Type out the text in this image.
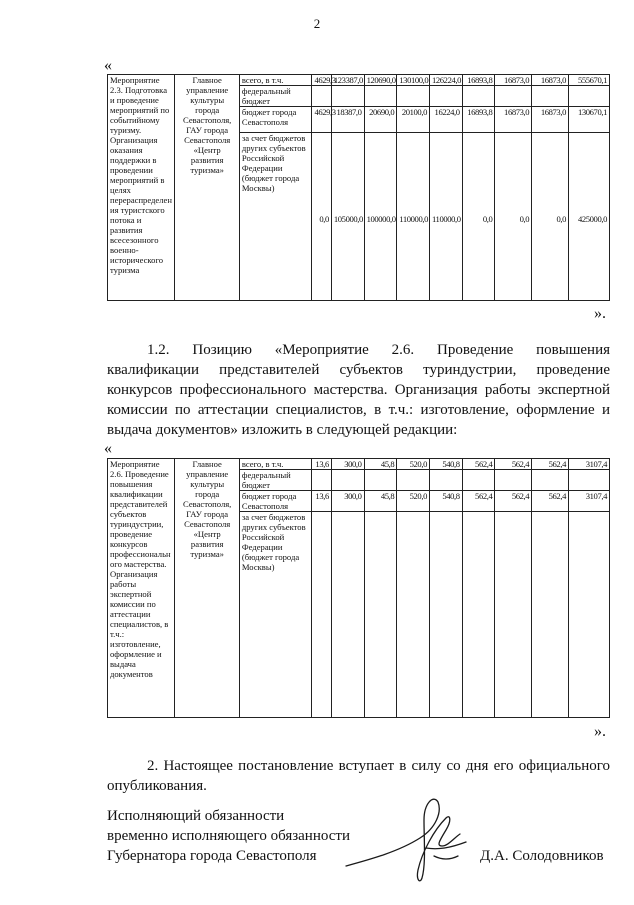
2
«
Мероприятие 2.3. Подготовка и проведение мероприятий по событийному туризму. Организация оказания поддержки в проведении мероприятий в целях перераспределения туристского потока и развития всесезонного военно-исторического туризма	Главное управление культуры города Севастополя, ГАУ города Севастополя «Центр развития туризма»	всего, в т.ч.	4629,3	123387,0	120690,0	130100,0	126224,0	16893,8	16873,0	16873,0	555670,1
		федеральный бюджет									
		бюджет города Севастополя	4629,3	18387,0	20690,0	20100,0	16224,0	16893,8	16873,0	16873,0	130670,1
		за счет бюджетов других субъектов Российской Федерации (бюджет города Москвы)	0,0	105000,0	100000,0	110000,0	110000,0	0,0	0,0	0,0	425000,0
».
1.2. Позицию «Мероприятие 2.6. Проведение повышения квалификации представителей субъектов туриндустрии, проведение конкурсов профессионального мастерства. Организация работы экспертной комиссии по аттестации специалистов, в т.ч.: изготовление, оформление и выдача документов» изложить в следующей редакции:
«
Мероприятие 2.6. Проведение повышения квалификации представителей субъектов туриндустрии, проведение конкурсов профессионального мастерства. Организация работы экспертной комиссии по аттестации специалистов, в т.ч.: изготовление, оформление и выдача документов	Главное управление культуры города Севастополя, ГАУ города Севастополя «Центр развития туризма»	всего, в т.ч.	13,6	300,0	45,8	520,0	540,8	562,4	562,4	562,4	3107,4
		федеральный бюджет									
		бюджет города Севастополя	13,6	300,0	45,8	520,0	540,8	562,4	562,4	562,4	3107,4
		за счет бюджетов других субъектов Российской Федерации (бюджет города Москвы)									
».
2. Настоящее постановление вступает в силу со дня его официального опубликования.
Исполняющий обязанности
временно исполняющего обязанности
Губернатора города Севастополя	Д.А. Солодовников
